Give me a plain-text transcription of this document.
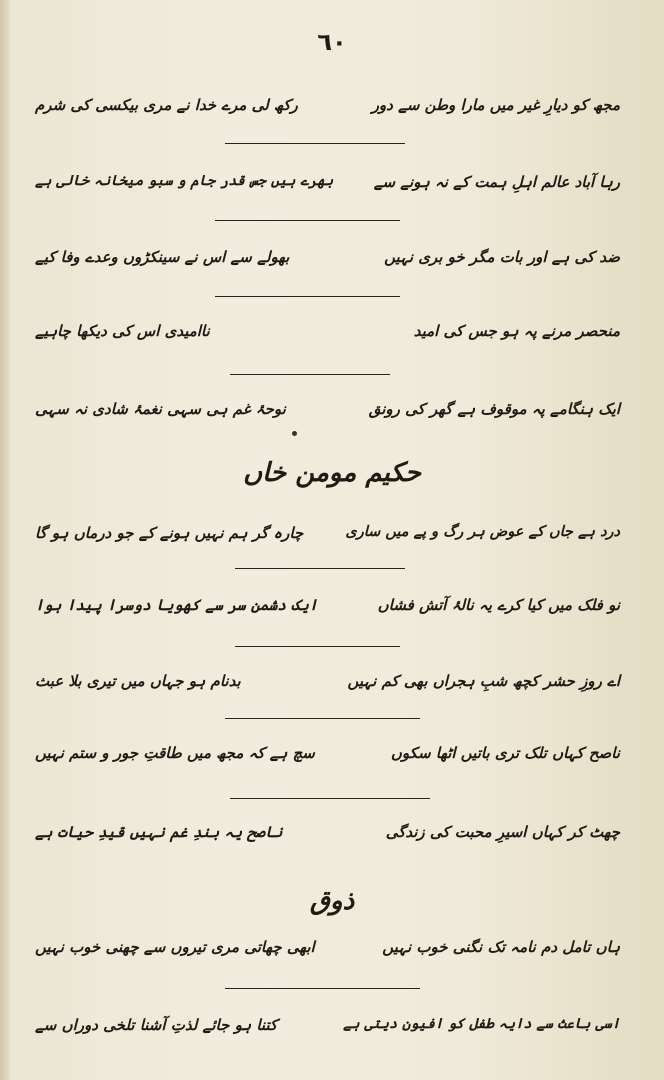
٦٠
مجھ کو دیارِ غیر میں مارا وطن سے دور
رکھ لی مرے خدا نے مری بیکسی کی شرم
رہا آباد عالم اہلِ ہمت کے نہ ہونے سے
بھرے ہیں جس قدر جام و سبو میخانہ خالی ہے
ضد کی ہے اور بات مگر خو بری نہیں
بھولے سے اس نے سینکڑوں وعدے وفا کیے
منحصر مرنے پہ ہو جس کی امید
ناامیدی اس کی دیکھا چاہیے
ایک ہنگامے پہ موقوف ہے گھر کی رونق
نوحۂ غم ہی سہی نغمۂ شادی نہ سہی
حکیم مومن خاں
درد ہے جاں کے عوض ہر رگ و پے میں ساری
چارہ گر ہم نہیں ہونے کے جو درماں ہو گا
نو فلک میں کیا کرے یہ نالۂ آتش فشاں
ایک دشمن سر سے کھویا دوسرا پیدا ہوا
اے روزِ حشر کچھ شبِ ہجراں بھی کم نہیں
بدنام ہو جہاں میں تیری بلا عبث
ناصح کہاں تلک تری باتیں اٹھا سکوں
سچ ہے کہ مجھ میں طاقتِ جور و ستم نہیں
چھٹ کر کہاں اسیرِ محبت کی زندگی
ناصح یہ بندِ غم نہیں قیدِ حیات ہے
ذوق
ہاں تامل دم نامہ تک نگنی خوب نہیں
ابھی چھاتی مری تیروں سے چھنی خوب نہیں
اسی باعث سے دایہ طفل کو افیون دیتی ہے
کتنا ہو جائے لذتِ آشنا تلخی دوراں سے
